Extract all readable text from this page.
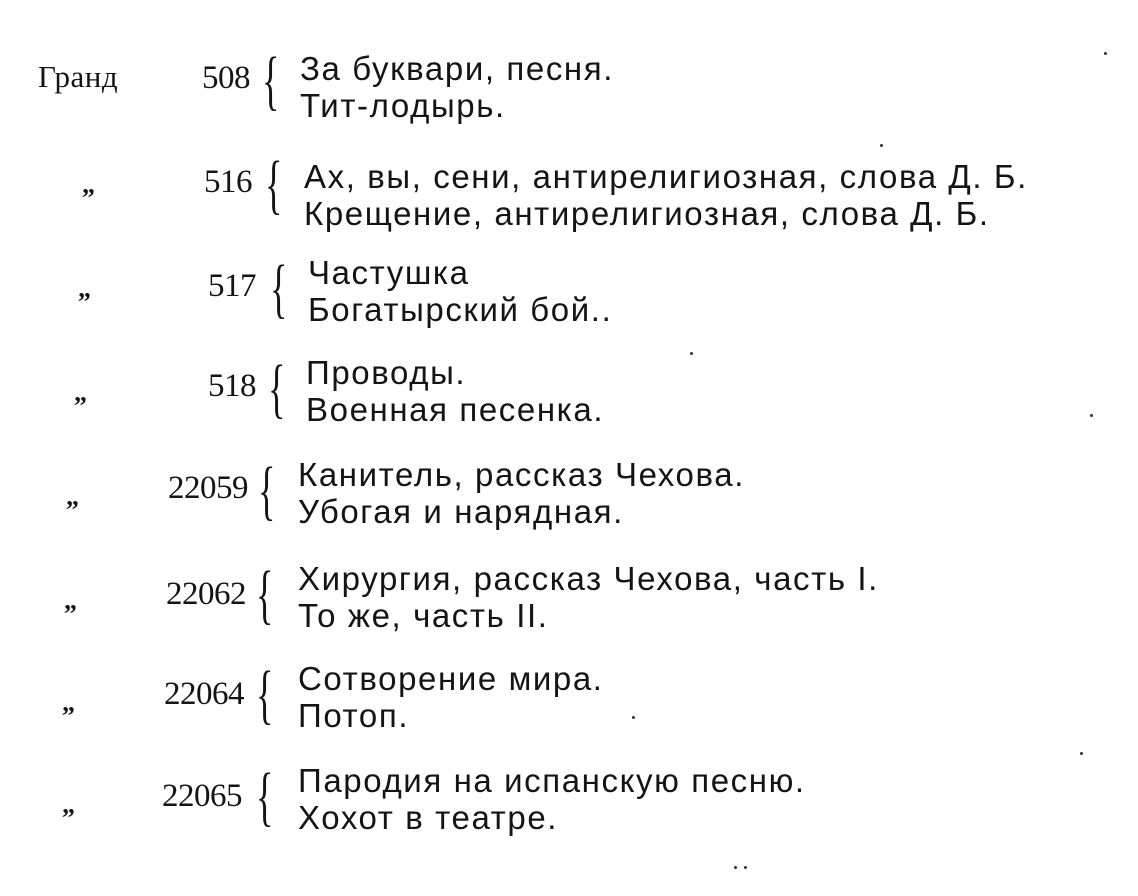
Гранд	508 { За буквари, песня.
Тит-лодырь.
„	516 { Ах, вы, сени, антирелигиозная, слова Д. Б.
Крещение, антирелигиозная, слова Д. Б.
„	517 { Частушка
Богатырский бой..
„	518 { Проводы.
Военная песенка.
„	22059 { Канитель, рассказ Чехова.
Убогая и нарядная.
„	22062 { Хирургия, рассказ Чехова, часть I.
То же, часть II.
„	22064 { Сотворение мира.
Потоп.
„	22065 { Пародия на испанскую песню.
Хохот в театре.
